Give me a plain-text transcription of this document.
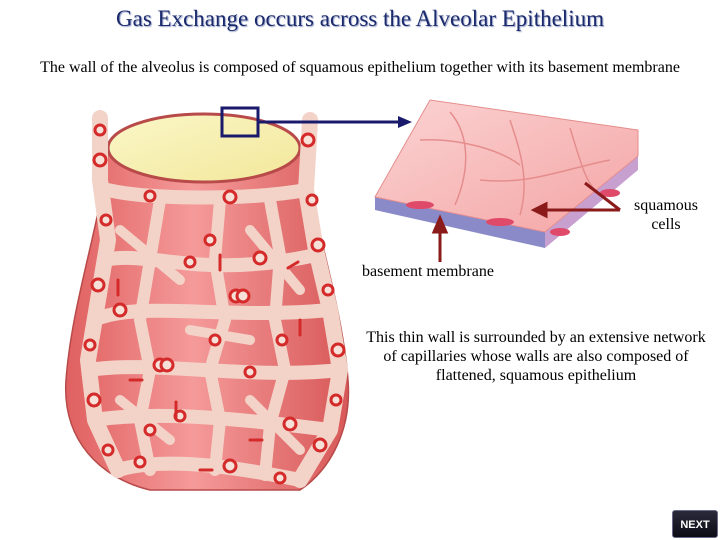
Gas Exchange occurs across the Alveolar Epithelium
The wall of the alveolus is composed of squamous epithelium together with its basement membrane
squamous cells
basement membrane
This thin wall is surrounded by an extensive network of capillaries whose walls are also composed of flattened, squamous epithelium
NEXT
